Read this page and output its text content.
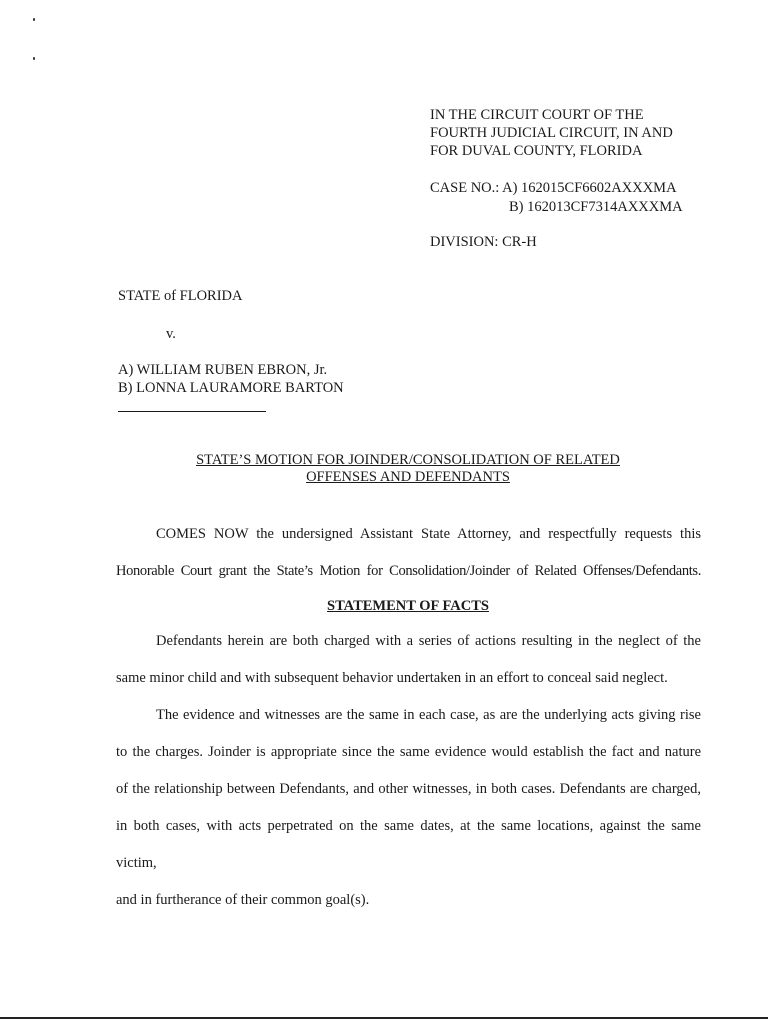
IN THE CIRCUIT COURT OF THE
FOURTH JUDICIAL CIRCUIT, IN AND
FOR DUVAL COUNTY, FLORIDA
CASE NO.: A) 162015CF6602AXXXMA
B) 162013CF7314AXXXMA
DIVISION: CR-H
STATE of FLORIDA
v.
A) WILLIAM RUBEN EBRON, Jr.
B) LONNA LAURAMORE BARTON
STATE’S MOTION FOR JOINDER/CONSOLIDATION OF RELATED
OFFENSES AND DEFENDANTS
COMES NOW the undersigned Assistant State Attorney, and respectfully requests this
Honorable Court grant the State’s Motion for Consolidation/Joinder of Related Offenses/Defendants.
STATEMENT OF FACTS
Defendants herein are both charged with a series of actions resulting in the neglect of the
same minor child and with subsequent behavior undertaken in an effort to conceal said neglect.
The evidence and witnesses are the same in each case, as are the underlying acts giving rise
to the charges. Joinder is appropriate since the same evidence would establish the fact and nature
of the relationship between Defendants, and other witnesses, in both cases. Defendants are charged,
in both cases, with acts perpetrated on the same dates, at the same locations, against the same victim,
and in furtherance of their common goal(s).
